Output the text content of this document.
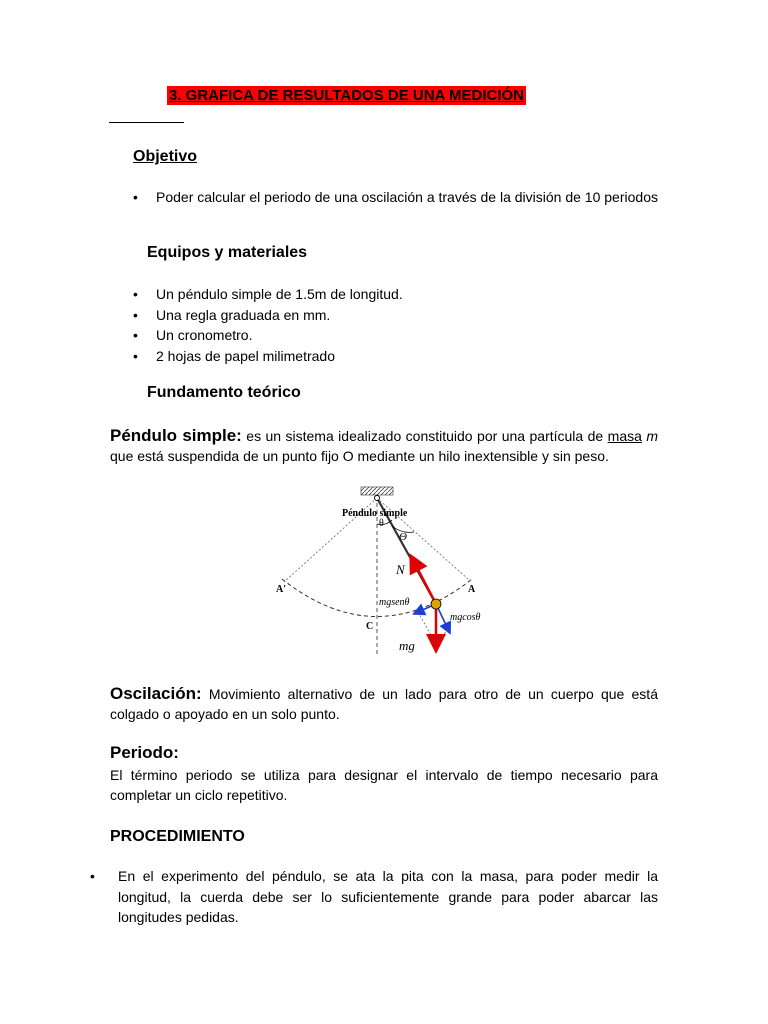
3. GRAFICA DE RESULTADOS DE UNA MEDICIÓN
Objetivo
• Poder calcular el periodo de una oscilación a través de la división de 10 periodos
Equipos y materiales
• Un péndulo simple de 1.5m de longitud.
• Una regla graduada en mm.
• Un cronometro.
• 2 hojas de papel milimetrado
Fundamento teórico
Péndulo simple: es un sistema idealizado constituido por una partícula de masa m que está suspendida de un punto fijo O mediante un hilo inextensible y sin peso.
Péndulo simple
θ
Θ
N
A'	A
C
mgsenθ
mgcosθ
mg
Oscilación: Movimiento alternativo de un lado para otro de un cuerpo que está colgado o apoyado en un solo punto.
Periodo:
El término periodo se utiliza para designar el intervalo de tiempo necesario para completar un ciclo repetitivo.
PROCEDIMIENTO
• En el experimento del péndulo, se ata la pita con la masa, para poder medir la longitud, la cuerda debe ser lo suficientemente grande para poder abarcar las longitudes pedidas.
